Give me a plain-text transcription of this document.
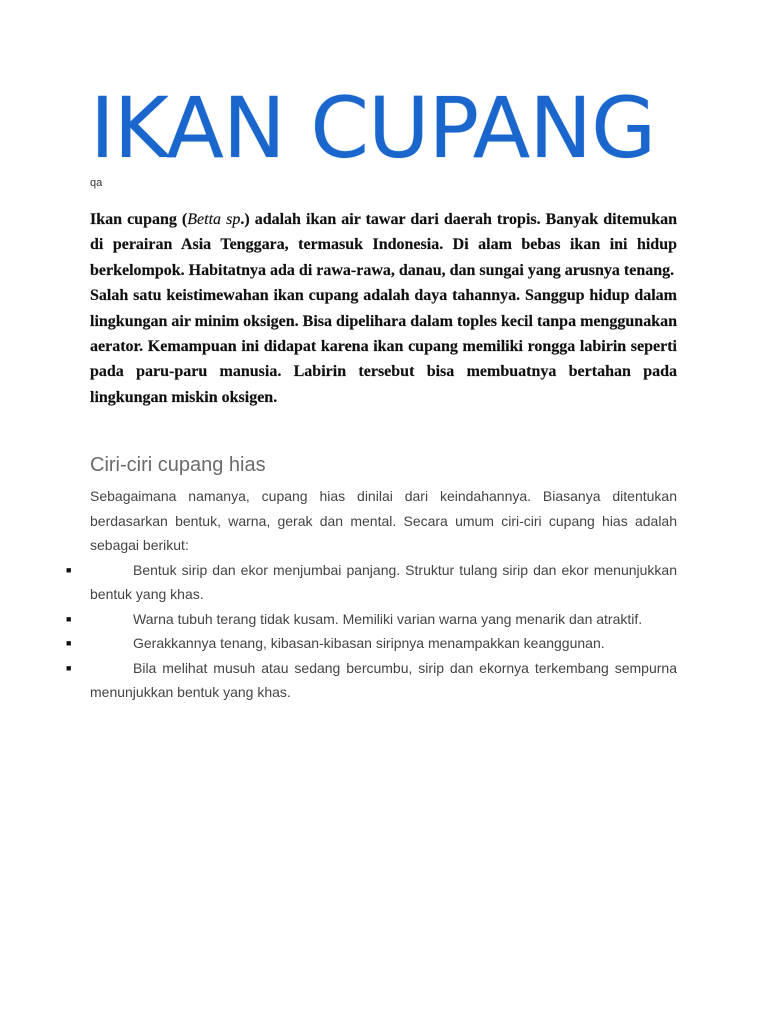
IKAN CUPANG
qa

Ikan cupang (Betta sp.) adalah ikan air tawar dari daerah tropis. Banyak ditemukan di perairan Asia Tenggara, termasuk Indonesia. Di alam bebas ikan ini hidup berkelompok. Habitatnya ada di rawa-rawa, danau, dan sungai yang arusnya tenang.

Salah satu keistimewahan ikan cupang adalah daya tahannya. Sanggup hidup dalam lingkungan air minim oksigen. Bisa dipelihara dalam toples kecil tanpa menggunakan aerator. Kemampuan ini didapat karena ikan cupang memiliki rongga labirin seperti pada paru-paru manusia. Labirin tersebut bisa membuatnya bertahan pada lingkungan miskin oksigen.

Ciri-ciri cupang hias

Sebagaimana namanya, cupang hias dinilai dari keindahannya. Biasanya ditentukan berdasarkan bentuk, warna, gerak dan mental. Secara umum ciri-ciri cupang hias adalah sebagai berikut:

■	Bentuk sirip dan ekor menjumbai panjang. Struktur tulang sirip dan ekor menunjukkan bentuk yang khas.
■	Warna tubuh terang tidak kusam. Memiliki varian warna yang menarik dan atraktif.
■	Gerakkannya tenang, kibasan-kibasan siripnya menampakkan keanggunan.
■	Bila melihat musuh atau sedang bercumbu, sirip dan ekornya terkembang sempurna menunjukkan bentuk yang khas.
